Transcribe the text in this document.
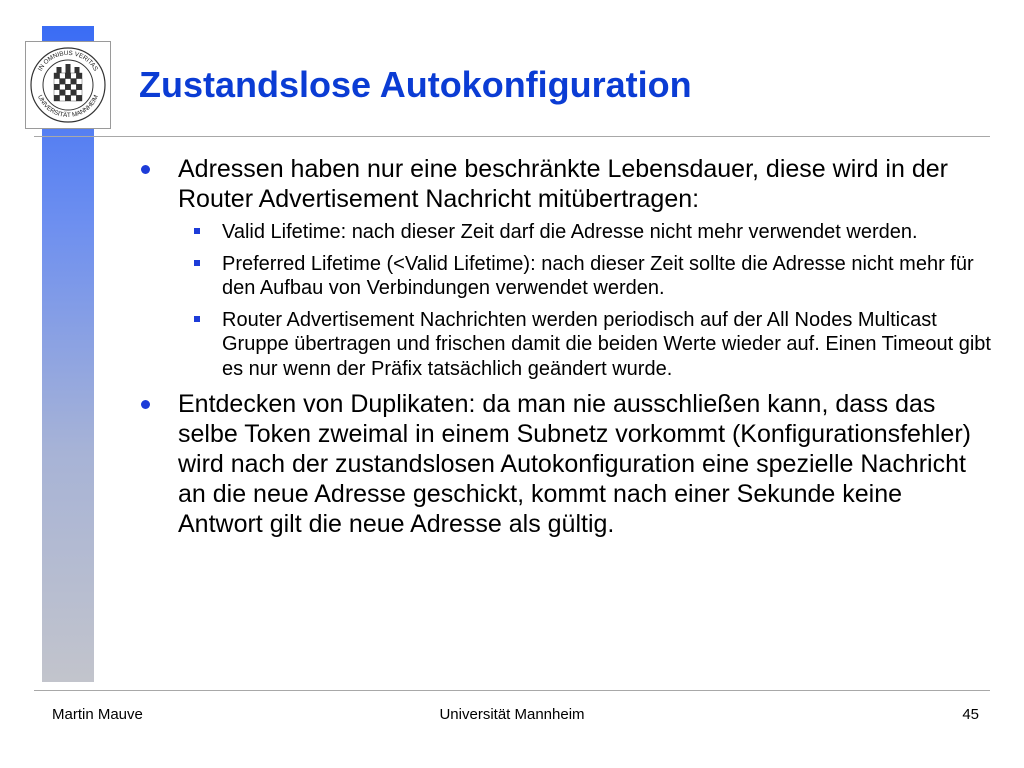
IN OMNIBUS VERITAS
UNIVERSITÄT MANNHEIM Zustandslose Autokonfiguration
Adressen haben nur eine beschränkte Lebensdauer, diese wird in der Router Advertisement Nachricht mitübertragen:
Valid Lifetime: nach dieser Zeit darf die Adresse nicht mehr verwendet werden.
Preferred Lifetime (<Valid Lifetime): nach dieser Zeit sollte die Adresse nicht mehr für den Aufbau von Verbindungen verwendet werden.
Router Advertisement Nachrichten werden periodisch auf der All Nodes Multicast Gruppe übertragen und frischen damit die beiden Werte wieder auf. Einen Timeout gibt es nur wenn der Präfix tatsächlich geändert wurde.
Entdecken von Duplikaten: da man nie ausschließen kann, dass das selbe Token zweimal in einem Subnetz vorkommt (Konfigurationsfehler) wird nach der zustandslosen Autokonfiguration eine spezielle Nachricht an die neue Adresse geschickt, kommt nach einer Sekunde keine Antwort gilt die neue Adresse als gültig.
Martin Mauve	Universität Mannheim	45
